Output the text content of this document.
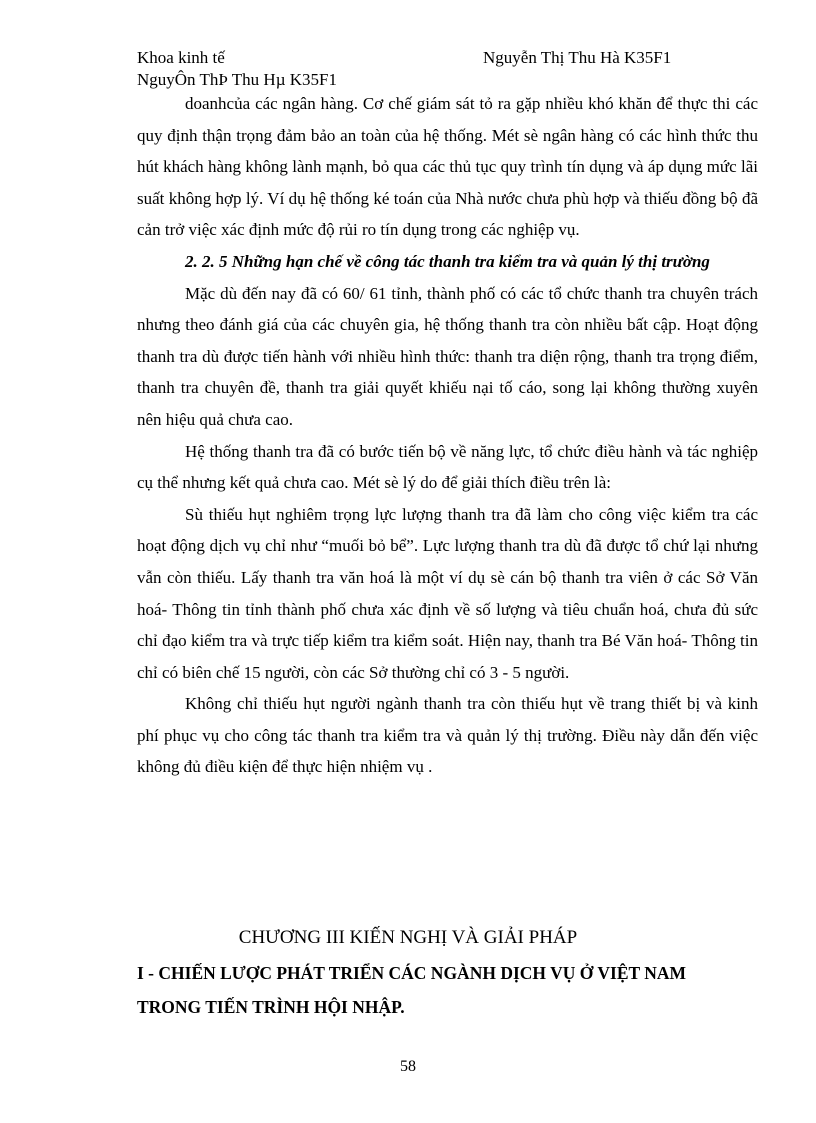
Khoa kinh tế	Nguyễn Thị Thu Hà K35F1
NguyÔn ThÞ Thu Hµ K35F1

doanhcủa các ngân hàng. Cơ chế giám sát tỏ ra gặp nhiều khó khăn để thực thi các quy định thận trọng đảm bảo an toàn của hệ thống. Mét sè ngân hàng có các hình thức thu hút khách hàng không lành mạnh, bỏ qua các thủ tục quy trình tín dụng và áp dụng mức lãi suất không hợp lý. Ví dụ hệ thống ké toán của Nhà nước chưa phù hợp và thiếu đồng bộ đã cản trở việc xác định mức độ rủi ro tín dụng trong các nghiệp vụ.

2. 2. 5 Những hạn chế về công tác thanh tra kiểm tra và quản lý thị trường

Mặc dù đến nay đã có 60/ 61 tỉnh, thành phố có các tổ chức thanh tra chuyên trách nhưng theo đánh giá của các chuyên gia, hệ thống thanh tra còn nhiều bất cập. Hoạt động thanh tra dù được tiến hành với nhiều hình thức: thanh tra diện rộng, thanh tra trọng điểm, thanh tra chuyên đề, thanh tra giải quyết khiếu nại tố cáo, song lại không thường xuyên nên hiệu quả chưa cao.

Hệ thống thanh tra đã có bước tiến bộ về năng lực, tổ chức điều hành và tác nghiệp cụ thể nhưng kết quả chưa cao. Mét sè lý do để giải thích điều trên là:

Sù thiếu hụt nghiêm trọng lực lượng thanh tra đã làm cho công việc kiểm tra các hoạt động dịch vụ chỉ như “muối bỏ bể”. Lực lượng thanh tra dù đã được tổ chứ lại nhưng vẫn còn thiếu. Lấy thanh tra văn hoá là một ví dụ sè cán bộ thanh tra viên ở các Sở Văn hoá- Thông tin tỉnh thành phố chưa xác định về số lượng và tiêu chuẩn hoá, chưa đủ sức chỉ đạo kiểm tra và trực tiếp kiểm tra kiểm soát. Hiện nay, thanh tra Bé Văn hoá- Thông tin chỉ có biên chế 15 người, còn các Sở thường chỉ có 3 - 5 người.

Không chỉ thiếu hụt người ngành thanh tra còn thiếu hụt về trang thiết bị và kinh phí phục vụ cho công tác thanh tra kiểm tra và quản lý thị trường. Điều này dẫn đến việc không đủ điều kiện để thực hiện nhiệm vụ .

CHƯƠNG III KIẾN NGHỊ VÀ GIẢI PHÁP
I - CHIẾN LƯỢC PHÁT TRIỂN CÁC NGÀNH DỊCH VỤ Ở VIỆT NAM
TRONG TIẾN TRÌNH HỘI NHẬP.
58
